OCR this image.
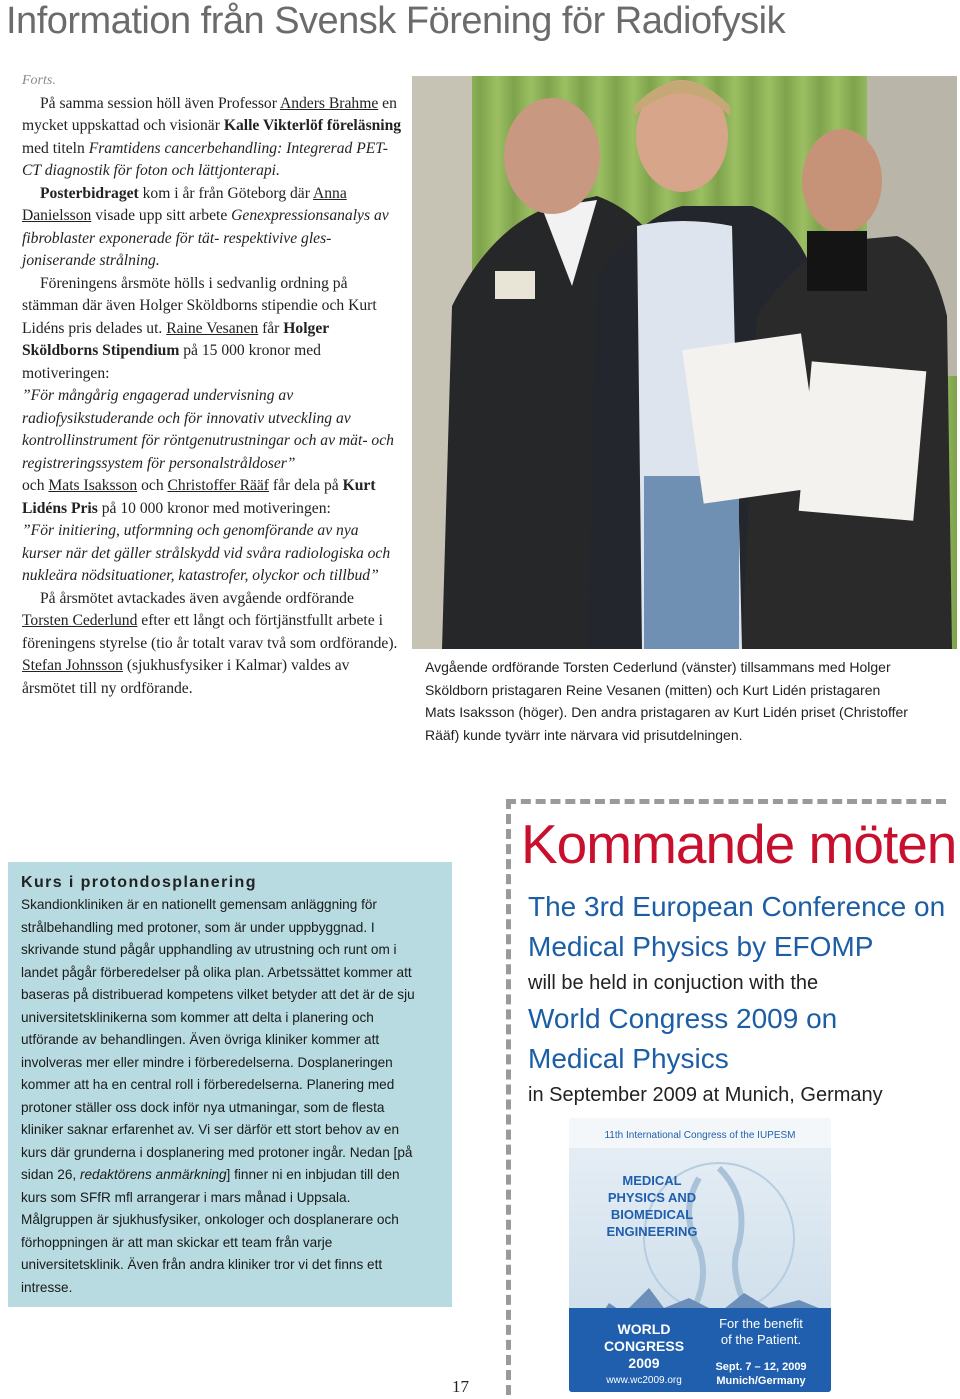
Information från Svensk Förening för Radiofysik

Forts.

På samma session höll även Professor Anders Brahme en mycket uppskattad och visionär Kalle Vikterlöf föreläsning med titeln Framtidens cancerbehandling: Integrerad PET-CT diagnostik för foton och lättjonterapi.

Posterbidraget kom i år från Göteborg där Anna Danielsson visade upp sitt arbete Genexpressionsanalys av fibroblaster exponerade för tät- respektivive gles-joniserande strålning.

Föreningens årsmöte hölls i sedvanlig ordning på stämman där även Holger Sköldborns stipendie och Kurt Lidéns pris delades ut. Raine Vesanen får Holger Sköldborns Stipendium på 15 000 kronor med motiveringen:
”För mångårig engagerad undervisning av radiofysikstuderande och för innovativ utveckling av kontrollinstrument för röntgenutrustningar och av mät- och registreringssystem för personalstråldoser”
och Mats Isaksson och Christoffer Rääf får dela på Kurt Lidéns Pris på 10 000 kronor med motiveringen:
”För initiering, utformning och genomförande av nya kurser när det gäller strålskydd vid svåra radiologiska och nukleära nödsituationer, katastrofer, olyckor och tillbud”

På årsmötet avtackades även avgående ordförande Torsten Cederlund efter ett långt och förtjänstfullt arbete i föreningens styrelse (tio år totalt varav två som ordförande). Stefan Johnsson (sjukhusfysiker i Kalmar) valdes av årsmötet till ny ordförande.

Avgående ordförande Torsten Cederlund (vänster) tillsammans med Holger
Sköldborn pristagaren Reine Vesanen (mitten) och Kurt Lidén pristagaren
Mats Isaksson (höger). Den andra pristagaren av Kurt Lidén priset (Christoffer
Rääf) kunde tyvärr inte närvara vid prisutdelningen.
Kurs i protondosplanering
Skandionkliniken är en nationellt gemensam anläggning för
strålbehandling med protoner, som är under uppbyggnad. I
skrivande stund pågår upphandling av utrustning och runt om i
landet pågår förberedelser på olika plan. Arbetssättet kommer att
baseras på distribuerad kompetens vilket betyder att det är de sju
universitetsklinikerna som kommer att delta i planering och
utförande av behandlingen. Även övriga kliniker kommer att
involveras mer eller mindre i förberedelserna. Dosplaneringen
kommer att ha en central roll i förberedelserna. Planering med
protoner ställer oss dock inför nya utmaningar, som de flesta
kliniker saknar erfarenhet av. Vi ser därför ett stort behov av en
kurs där grunderna i dosplanering med protoner ingår. Nedan [på
sidan 26, redaktörens anmärkning] finner ni en inbjudan till den
kurs som SFfR mfl arrangerar i mars månad i Uppsala.
Målgruppen är sjukhusfysiker, onkologer och dosplanerare och
förhoppningen är att man skickar ett team från varje
universitetsklinik. Även från andra kliniker tror vi det finns ett
intresse.
17
Kommande möten
The 3rd European Conference on
Medical Physics by EFOMP
will be held in conjuction with the
World Congress 2009 on
Medical Physics
in September 2009 at Munich, Germany
11th International Congress of the IUPESM
MEDICAL
PHYSICS AND
BIOMEDICAL
ENGINEERING
WORLD
CONGRESS
2009
www.wc2009.org
For the benefit
of the Patient.
Sept. 7 – 12, 2009
Munich/Germany
